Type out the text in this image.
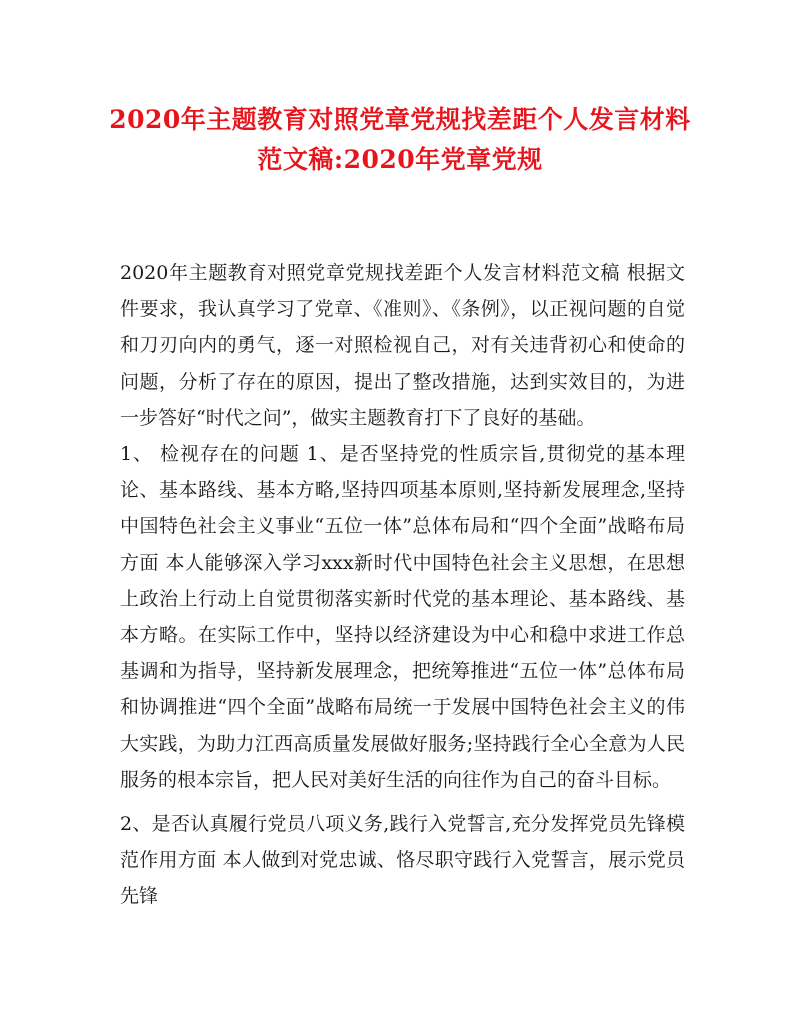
2020年主题教育对照党章党规找差距个人发言材料范文稿:2020年党章党规

2020年主题教育对照党章党规找差距个人发言材料范文稿 根据文件要求，我认真学习了党章、《准则》、《条例》，以正视问题的自觉和刀刃向内的勇气，逐一对照检视自己，对有关违背初心和使命的问题，分析了存在的原因，提出了整改措施，达到实效目的，为进一步答好“时代之问”，做实主题教育打下了良好的基础。

1、 检视存在的问题 1、是否坚持党的性质宗旨,贯彻党的基本理论、基本路线、基本方略,坚持四项基本原则,坚持新发展理念,坚持中国特色社会主义事业“五位一体”总体布局和“四个全面”战略布局方面 本人能够深入学习xxx新时代中国特色社会主义思想，在思想上政治上行动上自觉贯彻落实新时代党的基本理论、基本路线、基本方略。在实际工作中，坚持以经济建设为中心和稳中求进工作总基调和为指导，坚持新发展理念，把统筹推进“五位一体”总体布局和协调推进“四个全面”战略布局统一于发展中国特色社会主义的伟大实践，为助力江西高质量发展做好服务;坚持践行全心全意为人民服务的根本宗旨，把人民对美好生活的向往作为自己的奋斗目标。

2、是否认真履行党员八项义务,践行入党誓言,充分发挥党员先锋模范作用方面 本人做到对党忠诚、恪尽职守践行入党誓言，展示党员先锋
